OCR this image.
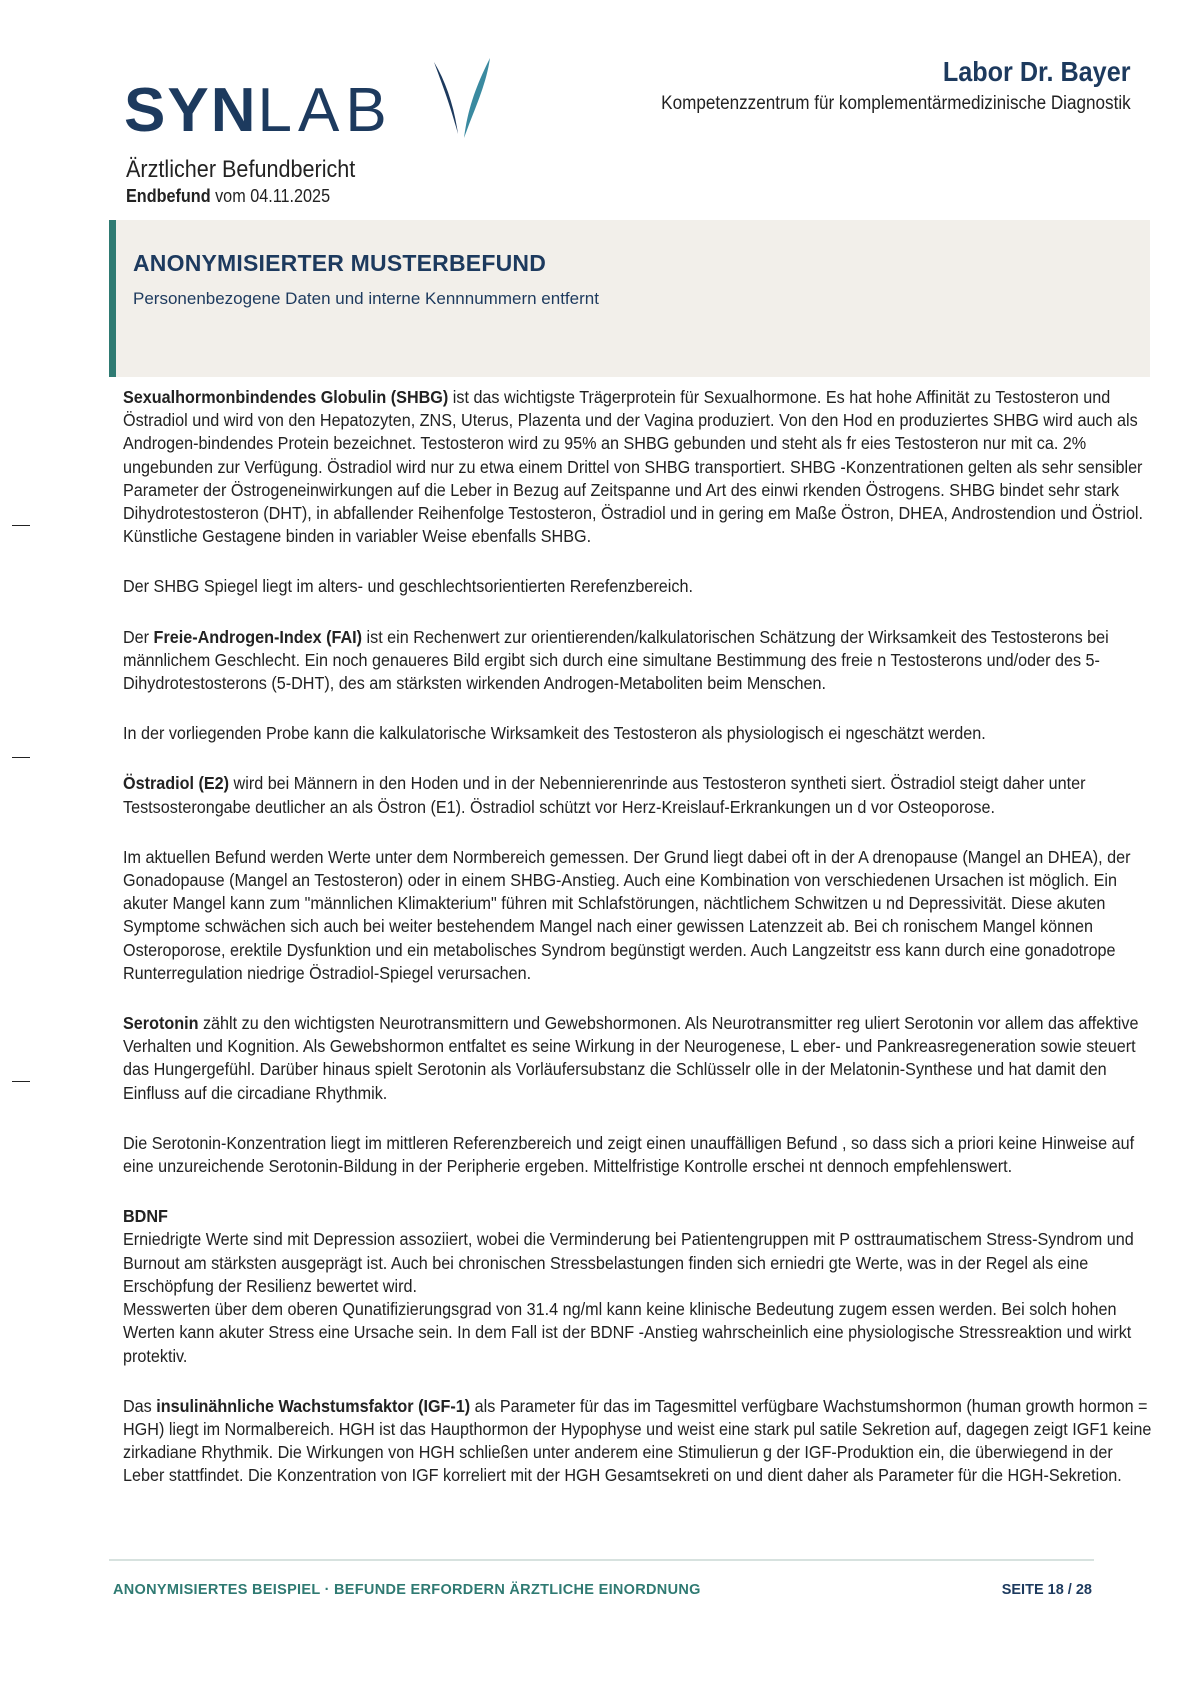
SYNLAB
Labor Dr. Bayer
Kompetenzzentrum für komplementärmedizinische Diagnostik
Ärztlicher Befundbericht
Endbefund vom 04.11.2025
ANONYMISIERTER MUSTERBEFUND
Personenbezogene Daten und interne Kennnummern entfernt

Sexualhormonbindendes Globulin (SHBG) ist das wichtigste Trägerprotein für Sexualhormone. Es hat hohe Affinität zu Testosteron und Östradiol und wird von den Hepatozyten, ZNS, Uterus, Plazenta und der Vagina produziert. Von den Hod en produziertes SHBG wird auch als Androgen-bindendes Protein bezeichnet. Testosteron wird zu 95% an SHBG gebunden und steht als fr eies Testosteron nur mit ca. 2% ungebunden zur Verfügung. Östradiol wird nur zu etwa einem Drittel von SHBG transportiert. SHBG -Konzentrationen gelten als sehr sensibler Parameter der Östrogeneinwirkungen auf die Leber in Bezug auf Zeitspanne und Art des einwi rkenden Östrogens. SHBG bindet sehr stark Dihydrotestosteron (DHT), in abfallender Reihenfolge Testosteron, Östradiol und in gering em Maße Östron, DHEA, Androstendion und Östriol. Künstliche Gestagene binden in variabler Weise ebenfalls SHBG.

Der SHBG Spiegel liegt im alters- und geschlechtsorientierten Rerefenzbereich.

Der Freie-Androgen-Index (FAI) ist ein Rechenwert zur orientierenden/kalkulatorischen Schätzung der Wirksamkeit des Testosterons bei männlichem Geschlecht. Ein noch genaueres Bild ergibt sich durch eine simultane Bestimmung des freie n Testosterons und/oder des 5-Dihydrotestosterons (5-DHT), des am stärksten wirkenden Androgen-Metaboliten beim Menschen.

In der vorliegenden Probe kann die kalkulatorische Wirksamkeit des Testosteron als physiologisch ei ngeschätzt werden.

Östradiol (E2) wird bei Männern in den Hoden und in der Nebennierenrinde aus Testosteron syntheti siert. Östradiol steigt daher unter Testsosterongabe deutlicher an als Östron (E1). Östradiol schützt vor Herz-Kreislauf-Erkrankungen un d vor Osteoporose.

Im aktuellen Befund werden Werte unter dem Normbereich gemessen. Der Grund liegt dabei oft in der A drenopause (Mangel an DHEA), der Gonadopause (Mangel an Testosteron) oder in einem SHBG-Anstieg. Auch eine Kombination von verschiedenen Ursachen ist möglich. Ein akuter Mangel kann zum "männlichen Klimakterium" führen mit Schlafstörungen, nächtlichem Schwitzen u nd Depressivität. Diese akuten Symptome schwächen sich auch bei weiter bestehendem Mangel nach einer gewissen Latenzzeit ab. Bei ch ronischem Mangel können Osteroporose, erektile Dysfunktion und ein metabolisches Syndrom begünstigt werden. Auch Langzeitstr ess kann durch eine gonadotrope Runterregulation niedrige Östradiol-Spiegel verursachen.

Serotonin zählt zu den wichtigsten Neurotransmittern und Gewebshormonen. Als Neurotransmitter reg uliert Serotonin vor allem das affektive Verhalten und Kognition. Als Gewebshormon entfaltet es seine Wirkung in der Neurogenese, L eber- und Pankreasregeneration sowie steuert das Hungergefühl. Darüber hinaus spielt Serotonin als Vorläufersubstanz die Schlüsselr olle in der Melatonin-Synthese und hat damit den Einfluss auf die circadiane Rhythmik.

Die Serotonin-Konzentration liegt im mittleren Referenzbereich und zeigt einen unauffälligen Befund , so dass sich a priori keine Hinweise auf eine unzureichende Serotonin-Bildung in der Peripherie ergeben. Mittelfristige Kontrolle erschei nt dennoch empfehlenswert.

BDNF

Erniedrigte Werte sind mit Depression assoziiert, wobei die Verminderung bei Patientengruppen mit P osttraumatischem Stress-Syndrom und Burnout am stärksten ausgeprägt ist. Auch bei chronischen Stressbelastungen finden sich erniedri gte Werte, was in der Regel als eine Erschöpfung der Resilienz bewertet wird.

Messwerten über dem oberen Qunatifizierungsgrad von 31.4 ng/ml kann keine klinische Bedeutung zugem essen werden. Bei solch hohen Werten kann akuter Stress eine Ursache sein. In dem Fall ist der BDNF -Anstieg wahrscheinlich eine physiologische Stressreaktion und wirkt protektiv.

Das insulinähnliche Wachstumsfaktor (IGF-1) als Parameter für das im Tagesmittel verfügbare Wachstumshormon (human growth hormon = HGH) liegt im Normalbereich. HGH ist das Haupthormon der Hypophyse und weist eine stark pul satile Sekretion auf, dagegen zeigt IGF1 keine zirkadiane Rhythmik. Die Wirkungen von HGH schließen unter anderem eine Stimulierun g der IGF-Produktion ein, die überwiegend in der Leber stattfindet. Die Konzentration von IGF korreliert mit der HGH Gesamtsekreti on und dient daher als Parameter für die HGH-Sekretion.

ANONYMISIERTES BEISPIEL · BEFUNDE ERFORDERN ÄRZTLICHE EINORDNUNG	SEITE 18 / 28
